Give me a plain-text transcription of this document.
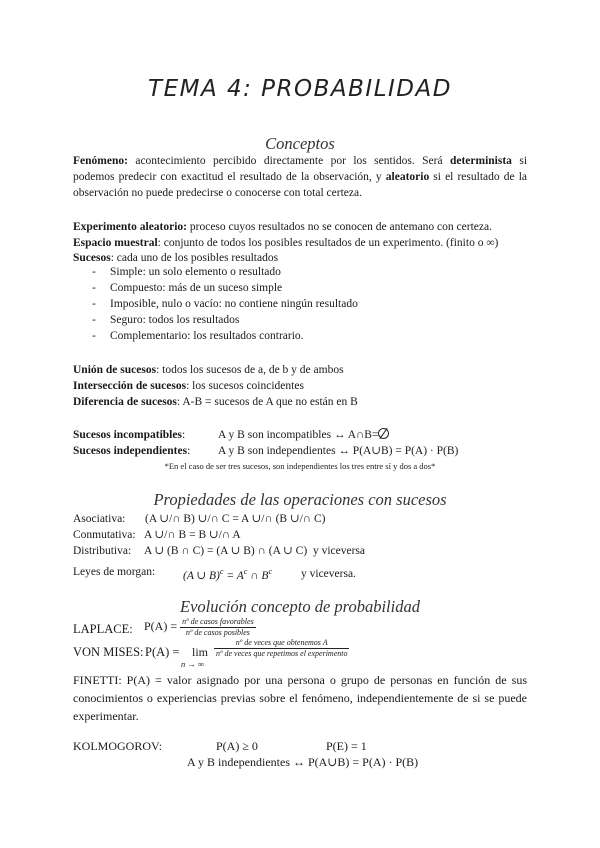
TEMA 4: PROBABILIDAD
Conceptos
Fenómeno: acontecimiento percibido directamente por los sentidos. Será determinista si podemos predecir con exactitud el resultado de la observación, y aleatorio si el resultado de la observación no puede predecirse o conocerse con total certeza.
Experimento aleatorio: proceso cuyos resultados no se conocen de antemano con certeza.
Espacio muestral: conjunto de todos los posibles resultados de un experimento. (finito o ∞)
Sucesos: cada uno de los posibles resultados
- Simple: un solo elemento o resultado
- Compuesto: más de un suceso simple
- Imposible, nulo o vacío: no contiene ningún resultado
- Seguro: todos los resultados
- Complementario: los resultados contrario.
Unión de sucesos: todos los sucesos de a, de b y de ambos
Intersección de sucesos: los sucesos coincidentes
Diferencia de sucesos: A-B = sucesos de A que no están en B
Sucesos incompatibles:	A y B son incompatibles ↔ A∩B=
Sucesos independientes: A y B son independientes ↔ P(A∪B) = P(A) · P(B)
*En el caso de ser tres sucesos, son independientes los tres entre sí y dos a dos*
Propiedades de las operaciones con sucesos
Asociativa: (A ∪/∩ B) ∪/∩ C = A ∪/∩ (B ∪/∩ C)
Conmutativa: A ∪/∩ B = B ∪/∩ A
Distributiva: A ∪ (B ∩ C) = (A ∪ B) ∩ (A ∪ C) y viceversa
Leyes de morgan: (A ∪ $B)^c = A^c$ ∩ $B^c$	y viceversa.
Evolución concepto de probabilidad
LAPLACE: $P(A) = \frac{\text{nº de casos favorables}}{\text{nº de casos posibles}}$
VON MISES: P(A) = lim
n → ∞
$\frac{\text{nº de veces que obtenemos A}}{\text{nº de veces que repetimos el experimento}}$
FINETTI: P(A) = valor asignado por una persona o grupo de personas en función de sus conocimientos o experiencias previas sobre el fenómeno, independientemente de si se puede experimentar.
KOLMOGOROV:	P(A) ≥ 0	P(E) = 1
A y B independientes ↔ P(A∪B) = P(A) · P(B)
